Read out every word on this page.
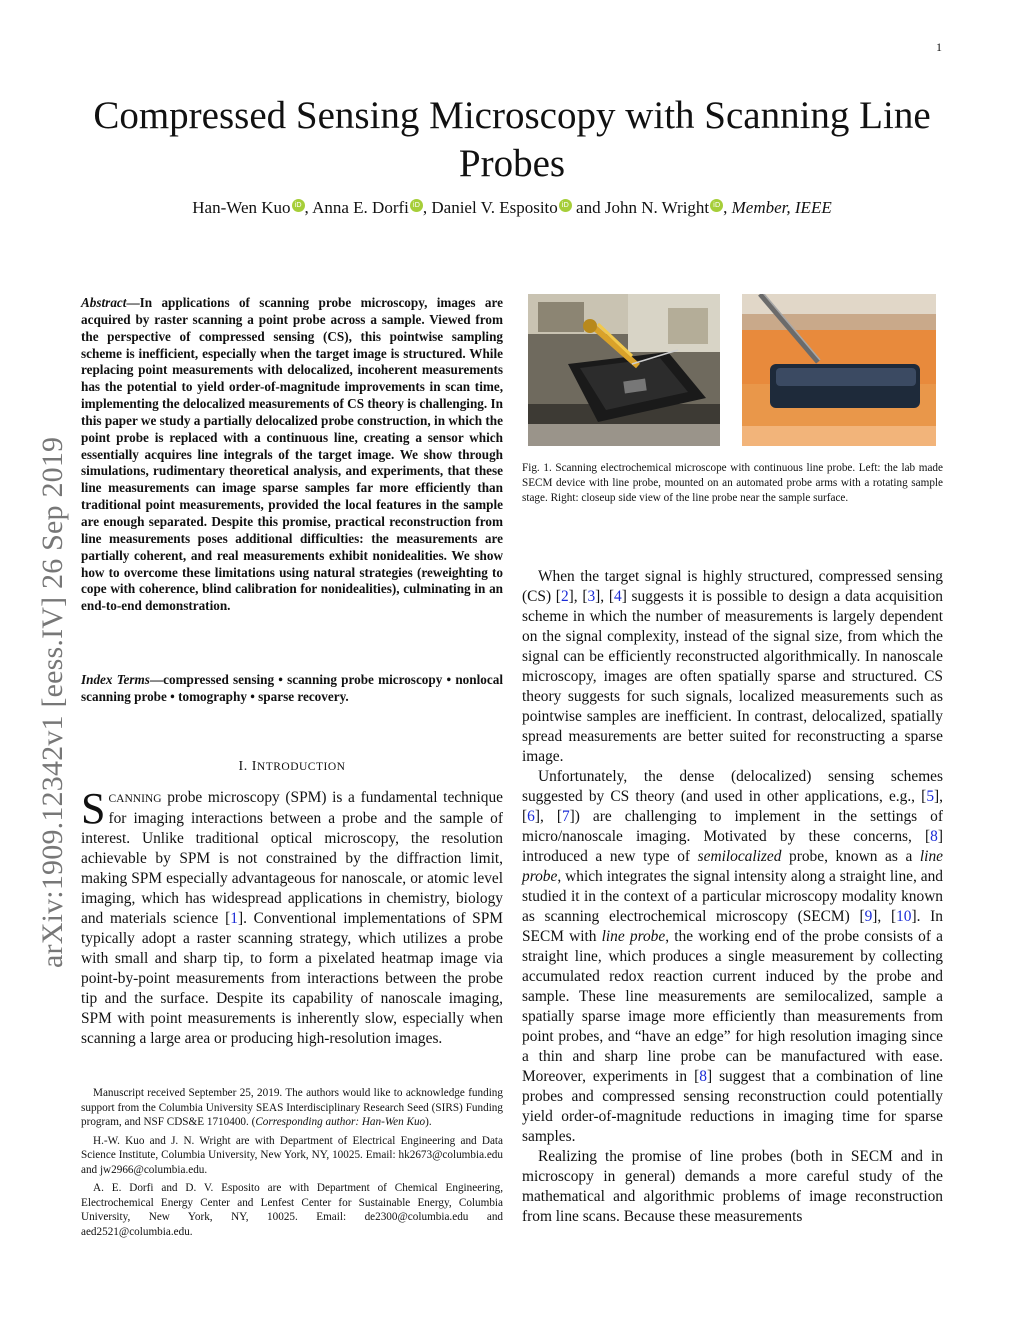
1
arXiv:1909.12342v1 [eess.IV] 26 Sep 2019
Compressed Sensing Microscopy with Scanning Line Probes
Han-Wen Kuo iD , Anna E. Dorfi iD , Daniel V. Esposito iD and John N. Wright iD , Member, IEEE
Abstract—In applications of scanning probe microscopy, images are acquired by raster scanning a point probe across a sample. Viewed from the perspective of compressed sensing (CS), this pointwise sampling scheme is inefficient, especially when the target image is structured. While replacing point measurements with delocalized, incoherent measurements has the potential to yield order-of-magnitude improvements in scan time, implementing the delocalized measurements of CS theory is challenging. In this paper we study a partially delocalized probe construction, in which the point probe is replaced with a continuous line, creating a sensor which essentially acquires line integrals of the target image. We show through simulations, rudimentary theoretical analysis, and experiments, that these line measurements can image sparse samples far more efficiently than traditional point measurements, provided the local features in the sample are enough separated. Despite this promise, practical reconstruction from line measurements poses additional difficulties: the measurements are partially coherent, and real measurements exhibit nonidealities. We show how to overcome these limitations using natural strategies (reweighting to cope with coherence, blind calibration for nonidealities), culminating in an end-to-end demonstration.
Index Terms—compressed sensing • scanning probe microscopy • nonlocal scanning probe • tomography • sparse recovery.
I. INTRODUCTION
SCANNING probe microscopy (SPM) is a fundamental technique for imaging interactions between a probe and the sample of interest. Unlike traditional optical microscopy, the resolution achievable by SPM is not constrained by the diffraction limit, making SPM especially advantageous for nanoscale, or atomic level imaging, which has widespread applications in chemistry, biology and materials science [1]. Conventional implementations of SPM typically adopt a raster scanning strategy, which utilizes a probe with small and sharp tip, to form a pixelated heatmap image via point-by-point measurements from interactions between the probe tip and the surface. Despite its capability of nanoscale imaging, SPM with point measurements is inherently slow, especially when scanning a large area or producing high-resolution images.

Manuscript received September 25, 2019. The authors would like to acknowledge funding support from the Columbia University SEAS Interdisciplinary Research Seed (SIRS) Funding program, and NSF CDS&E 1710400. (Corresponding author: Han-Wen Kuo).

H.-W. Kuo and J. N. Wright are with Department of Electrical Engineering and Data Science Institute, Columbia University, New York, NY, 10025. Email: hk2673@columbia.edu and jw2966@columbia.edu.

A. E. Dorfi and D. V. Esposito are with Department of Chemical Engineering, Electrochemical Energy Center and Lenfest Center for Sustainable Energy, Columbia University, New York, NY, 10025. Email: de2300@columbia.edu and aed2521@columbia.edu.

Fig. 1. Scanning electrochemical microscope with continuous line probe. Left: the lab made SECM device with line probe, mounted on an automated probe arms with a rotating sample stage. Right: closeup side view of the line probe near the sample surface.

When the target signal is highly structured, compressed sensing (CS) [2], [3], [4] suggests it is possible to design a data acquisition scheme in which the number of measurements is largely dependent on the signal complexity, instead of the signal size, from which the signal can be efficiently reconstructed algorithmically. In nanoscale microscopy, images are often spatially sparse and structured. CS theory suggests for such signals, localized measurements such as pointwise samples are inefficient. In contrast, delocalized, spatially spread measurements are better suited for reconstructing a sparse image.

Unfortunately, the dense (delocalized) sensing schemes suggested by CS theory (and used in other applications, e.g., [5], [6], [7]) are challenging to implement in the settings of micro/nanoscale imaging. Motivated by these concerns, [8] introduced a new type of semilocalized probe, known as a line probe, which integrates the signal intensity along a straight line, and studied it in the context of a particular microscopy modality known as scanning electrochemical microscopy (SECM) [9], [10]. In SECM with line probe, the working end of the probe consists of a straight line, which produces a single measurement by collecting accumulated redox reaction current induced by the probe and sample. These line measurements are semilocalized, sample a spatially sparse image more efficiently than measurements from point probes, and “have an edge” for high resolution imaging since a thin and sharp line probe can be manufactured with ease. Moreover, experiments in [8] suggest that a combination of line probes and compressed sensing reconstruction could potentially yield order-of-magnitude reductions in imaging time for sparse samples.

Realizing the promise of line probes (both in SECM and in microscopy in general) demands a more careful study of the mathematical and algorithmic problems of image reconstruction from line scans. Because these measurements
